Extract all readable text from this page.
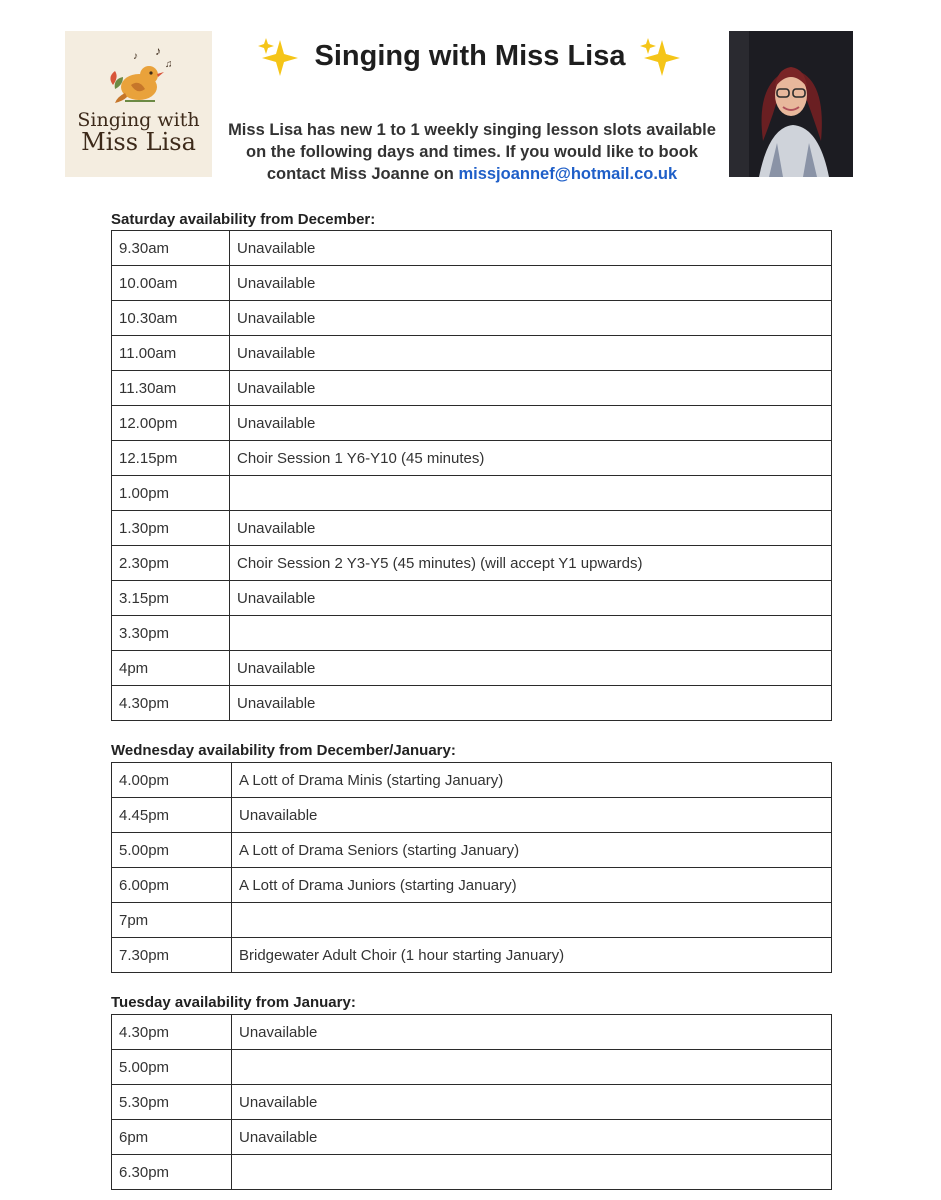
♪
♫
♪
Singing with
Miss Lisa
Singing with Miss Lisa
Miss Lisa has new 1 to 1 weekly singing lesson slots available on the following days and times. If you would like to book contact Miss Joanne on missjoannef@hotmail.co.uk
Saturday availability from December:
9.30am	Unavailable
10.00am	Unavailable
10.30am	Unavailable
11.00am	Unavailable
11.30am	Unavailable
12.00pm	Unavailable
12.15pm	Choir Session 1 Y6-Y10 (45 minutes)
1.00pm	
1.30pm	Unavailable
2.30pm	Choir Session 2 Y3-Y5 (45 minutes) (will accept Y1 upwards)
3.15pm	Unavailable
3.30pm	
4pm	Unavailable
4.30pm	Unavailable
Wednesday availability from December/January:
4.00pm	A Lott of Drama Minis (starting January)
4.45pm	Unavailable
5.00pm	A Lott of Drama Seniors (starting January)
6.00pm	A Lott of Drama Juniors (starting January)
7pm	
7.30pm	Bridgewater Adult Choir (1 hour starting January)
Tuesday availability from January:
4.30pm	Unavailable
5.00pm	
5.30pm	Unavailable
6pm	Unavailable
6.30pm	
